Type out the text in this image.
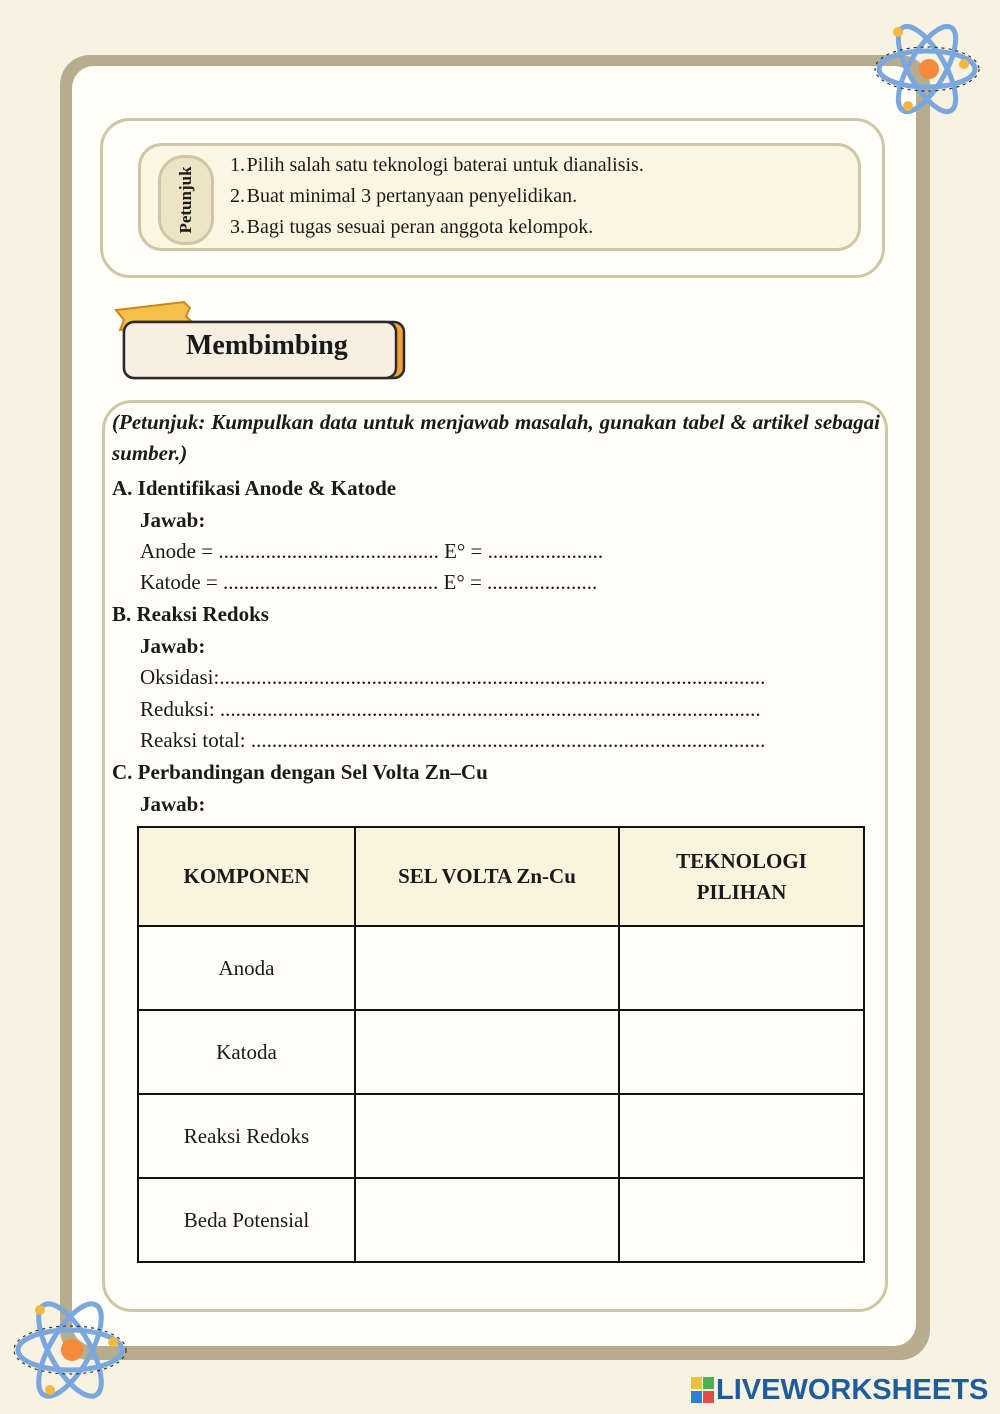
Petunjuk
1. Pilih salah satu teknologi baterai untuk dianalisis.
2. Buat minimal 3 pertanyaan penyelidikan.
3. Bagi tugas sesuai peran anggota kelompok.
Membimbing
(Petunjuk: Kumpulkan data untuk menjawab masalah, gunakan tabel & artikel sebagai sumber.)
A. Identifikasi Anode & Katode
Jawab:
Anode = .......................................... E° = ......................
Katode = ......................................... E° = .....................
B. Reaksi Redoks
Jawab:
Oksidasi:........................................................................................................
Reduksi: .......................................................................................................
Reaksi total: ..................................................................................................
C. Perbandingan dengan Sel Volta Zn–Cu
Jawab:
KOMPONEN	SEL VOLTA Zn-Cu	TEKNOLOGI PILIHAN
Anoda		
Katoda		
Reaksi Redoks		
Beda Potensial		
LIVEWORKSHEETS
